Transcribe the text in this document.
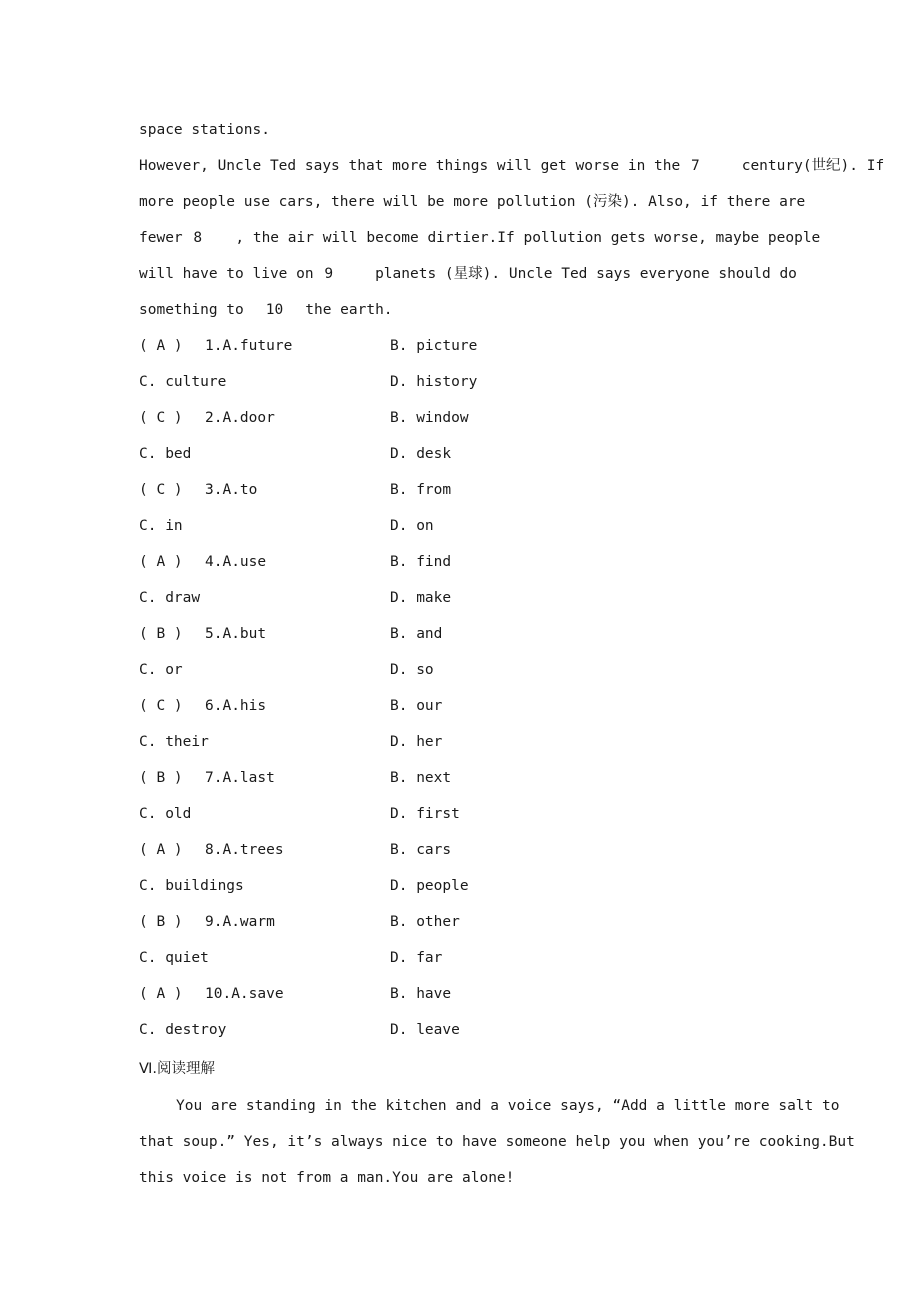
space stations.
However, Uncle Ted says that more things will get worse in the 7	century(世纪). If
more people use cars, there will be more pollution (污染). Also, if there are
fewer 8 , the air will become dirtier.If pollution gets worse, maybe people
will have to live on 9	planets (星球). Uncle Ted says everyone should do
something to 10 the earth.
( A ) 1.A.future	B. picture
C. culture	D. history
( C ) 2.A.door	B. window
C. bed	D. desk
( C ) 3.A.to	B. from
C. in	D. on
( A ) 4.A.use	B. find
C. draw	D. make
( B ) 5.A.but	B. and
C. or	D. so
( C ) 6.A.his	B. our
C. their	D. her
( B ) 7.A.last	B. next
C. old	D. first
( A ) 8.A.trees	B. cars
C. buildings	D. people
( B ) 9.A.warm	B. other
C. quiet	D. far
( A ) 10.A.save	B. have
C. destroy	D. leave
Ⅵ.阅读理解
You are standing in the kitchen and a voice says, “Add a little more salt to
that soup.” Yes, it’s always nice to have someone help you when you’re cooking.But
this voice is not from a man.You are alone!
